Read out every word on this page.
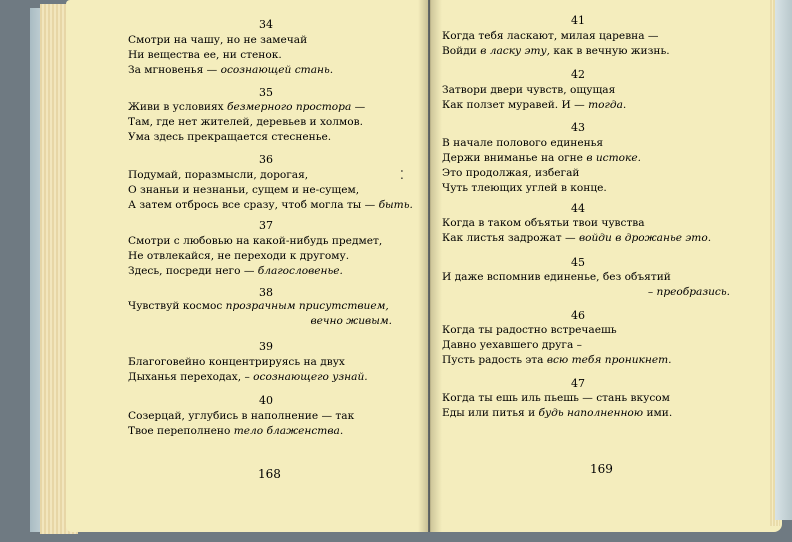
34
Смотри на чашу, но не замечай
Ни вещества ее, ни стенок.
За мгновенья — осознающей стань.
35
Живи в условиях безмерного простора —
Там, где нет жителей, деревьев и холмов.
Ума здесь прекращается стесненье.
36
Подумай, поразмысли, дорогая,
О знаньи и незнаньи, сущем и не-сущем,
А затем отбрось все сразу, чтоб могла ты — быть.
37
Смотри с любовью на какой-нибудь предмет,
Не отвлекайся, не переходи к другому.
Здесь, посреди него — благословенье.
38
Чувствуй космос прозрачным присутствием,
вечно живым.
39
Благоговейно концентрируясь на двух
Дыханья переходах, – осознающего узнай.
40
Созерцай, углубись в наполнение — так
Твое переполнено тело блаженства.
41
Когда тебя ласкают, милая царевна —
Войди в ласку эту, как в вечную жизнь.
42
Затвори двери чувств, ощущая
Как ползет муравей. И — тогда.
43
В начале полового единенья
Держи вниманье на огне в истоке.
Это продолжая, избегай
Чуть тлеющих углей в конце.
44
Когда в таком объятьи твои чувства
Как листья задрожат — войди в дрожанье это.
45
И даже вспомнив единенье, без объятий
– преобразись.
46
Когда ты радостно встречаешь
Давно уехавшего друга –
Пусть радость эта всю тебя проникнет.
47
Когда ты ешь иль пьешь — стань вкусом
Еды или питья и будь наполненною ими.
⁚
168	169
